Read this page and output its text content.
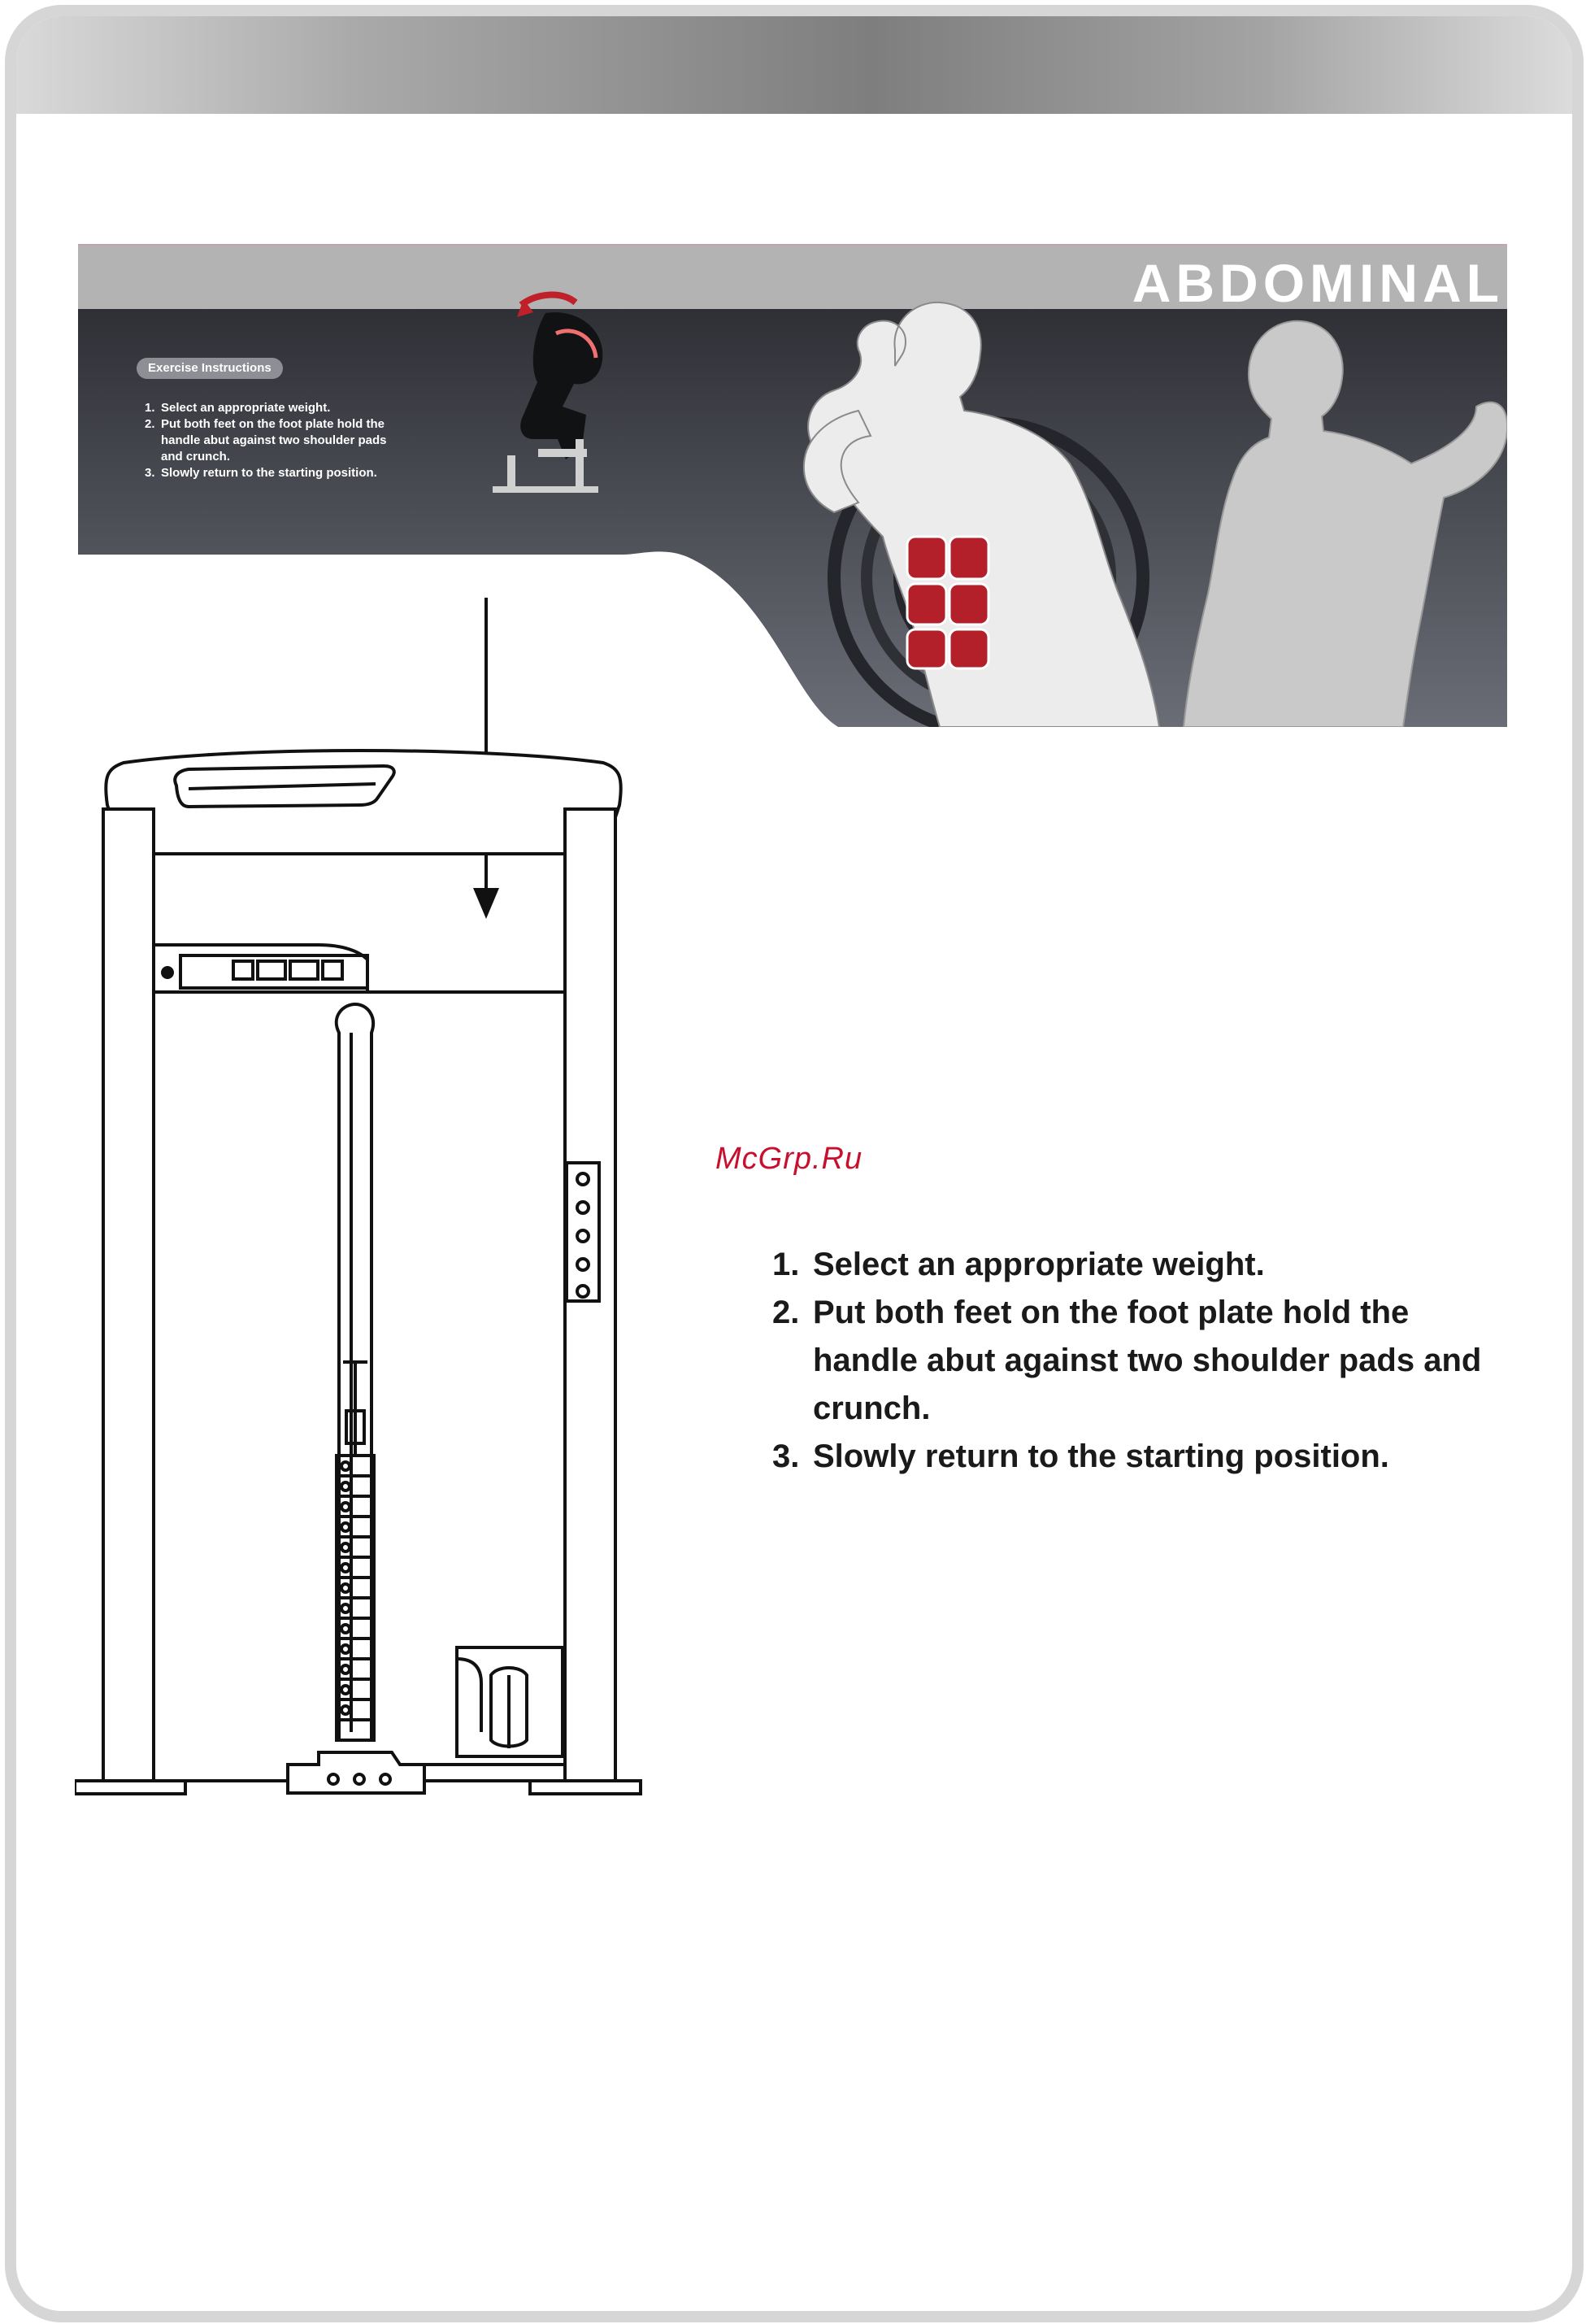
ABDOMINAL
Exercise Instructions
1. Select an appropriate weight.
2. Put both feet on the foot plate hold the handle abut against two shoulder pads and crunch.
3. Slowly return to the starting position.
McGrp.Ru
1. Select an appropriate weight.
2. Put both feet on the foot plate hold the handle abut against two shoulder pads and crunch.
3. Slowly return to the starting position.
